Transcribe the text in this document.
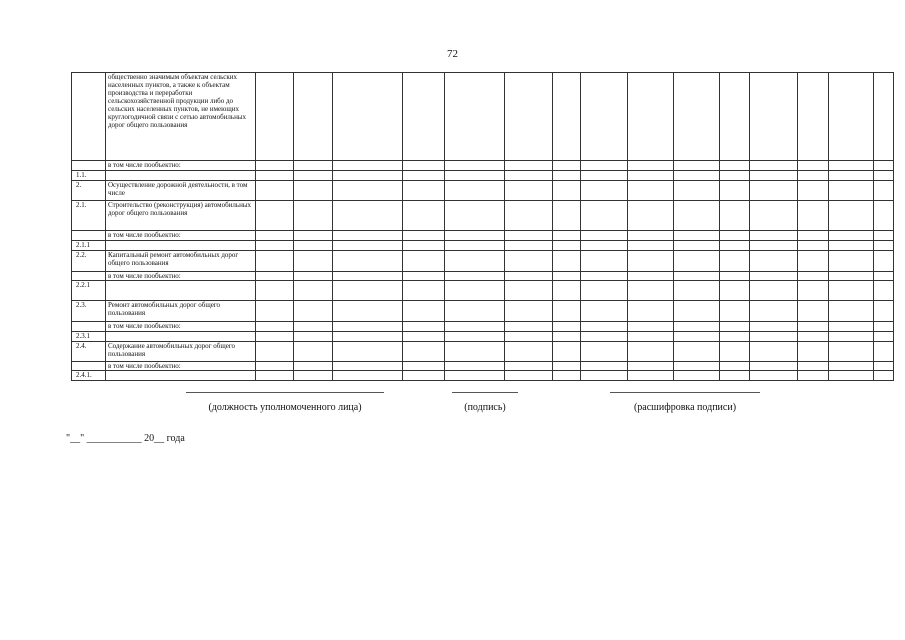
72
	общественно значимым объектам сельских населенных пунктов, а также к объектам производства и переработки сельскохозяйственной продукции либо до сельских населенных пунктов, не имеющих круглогодичной связи с сетью автомобильных дорог общего пользования															
	в том числе пообъектно:															
1.1.																
2.	Осуществление дорожной деятельности, в том числе															
2.1.	Строительство (реконструкция) автомобильных дорог общего пользования															
	в том числе пообъектно:															
2.1.1																
2.2.	Капитальный ремонт автомобильных дорог общего пользования															
	в том числе пообъектно:															
2.2.1																
2.3.	Ремонт автомобильных дорог общего пользования															
	в том числе пообъектно:															
2.3.1																
2.4.	Содержание автомобильных дорог общего пользования															
	в том числе пообъектно:															
2.4.1.																
(должность уполномоченного лица)	(подпись)	(расшифровка подписи)
"__" ___________ 20__ года
